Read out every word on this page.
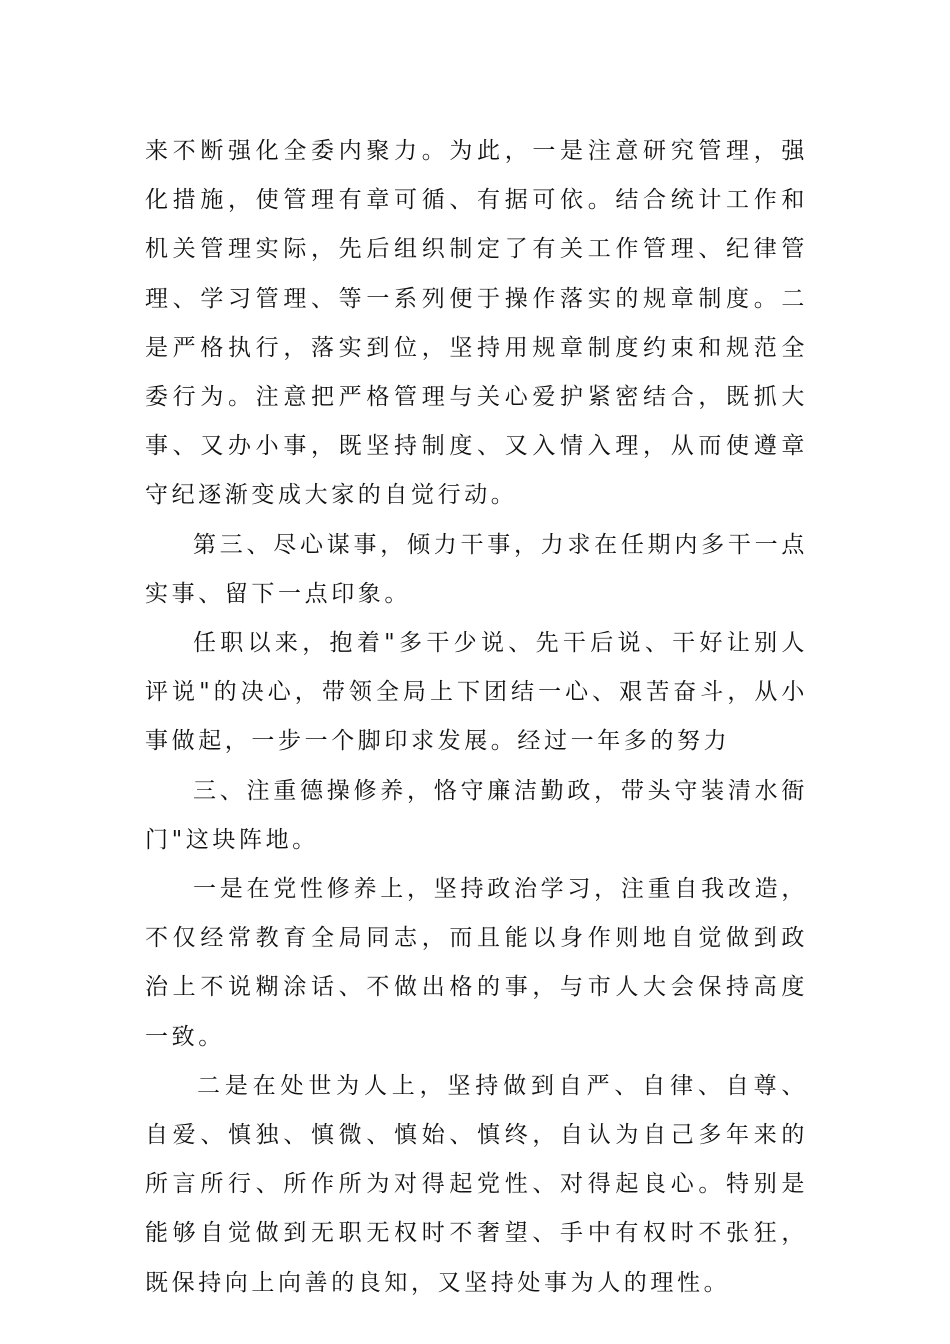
来不断强化全委内聚力。为此，一是注意研究管理，强化措施，使管理有章可循、有据可依。结合统计工作和机关管理实际，先后组织制定了有关工作管理、纪律管理、学习管理、等一系列便于操作落实的规章制度。二是严格执行，落实到位，坚持用规章制度约束和规范全委行为。注意把严格管理与关心爱护紧密结合，既抓大事、又办小事，既坚持制度、又入情入理，从而使遵章守纪逐渐变成大家的自觉行动。

第三、尽心谋事，倾力干事，力求在任期内多干一点实事、留下一点印象。

任职以来，抱着"多干少说、先干后说、干好让别人评说"的决心，带领全局上下团结一心、艰苦奋斗，从小事做起，一步一个脚印求发展。经过一年多的努力

三、注重德操修养，恪守廉洁勤政，带头守装清水衙门"这块阵地。

一是在党性修养上，坚持政治学习，注重自我改造，不仅经常教育全局同志，而且能以身作则地自觉做到政治上不说糊涂话、不做出格的事，与市人大会保持高度一致。

二是在处世为人上，坚持做到自严、自律、自尊、自爱、慎独、慎微、慎始、慎终，自认为自己多年来的所言所行、所作所为对得起党性、对得起良心。特别是能够自觉做到无职无权时不奢望、手中有权时不张狂，既保持向上向善的良知，又坚持处事为人的理性。
